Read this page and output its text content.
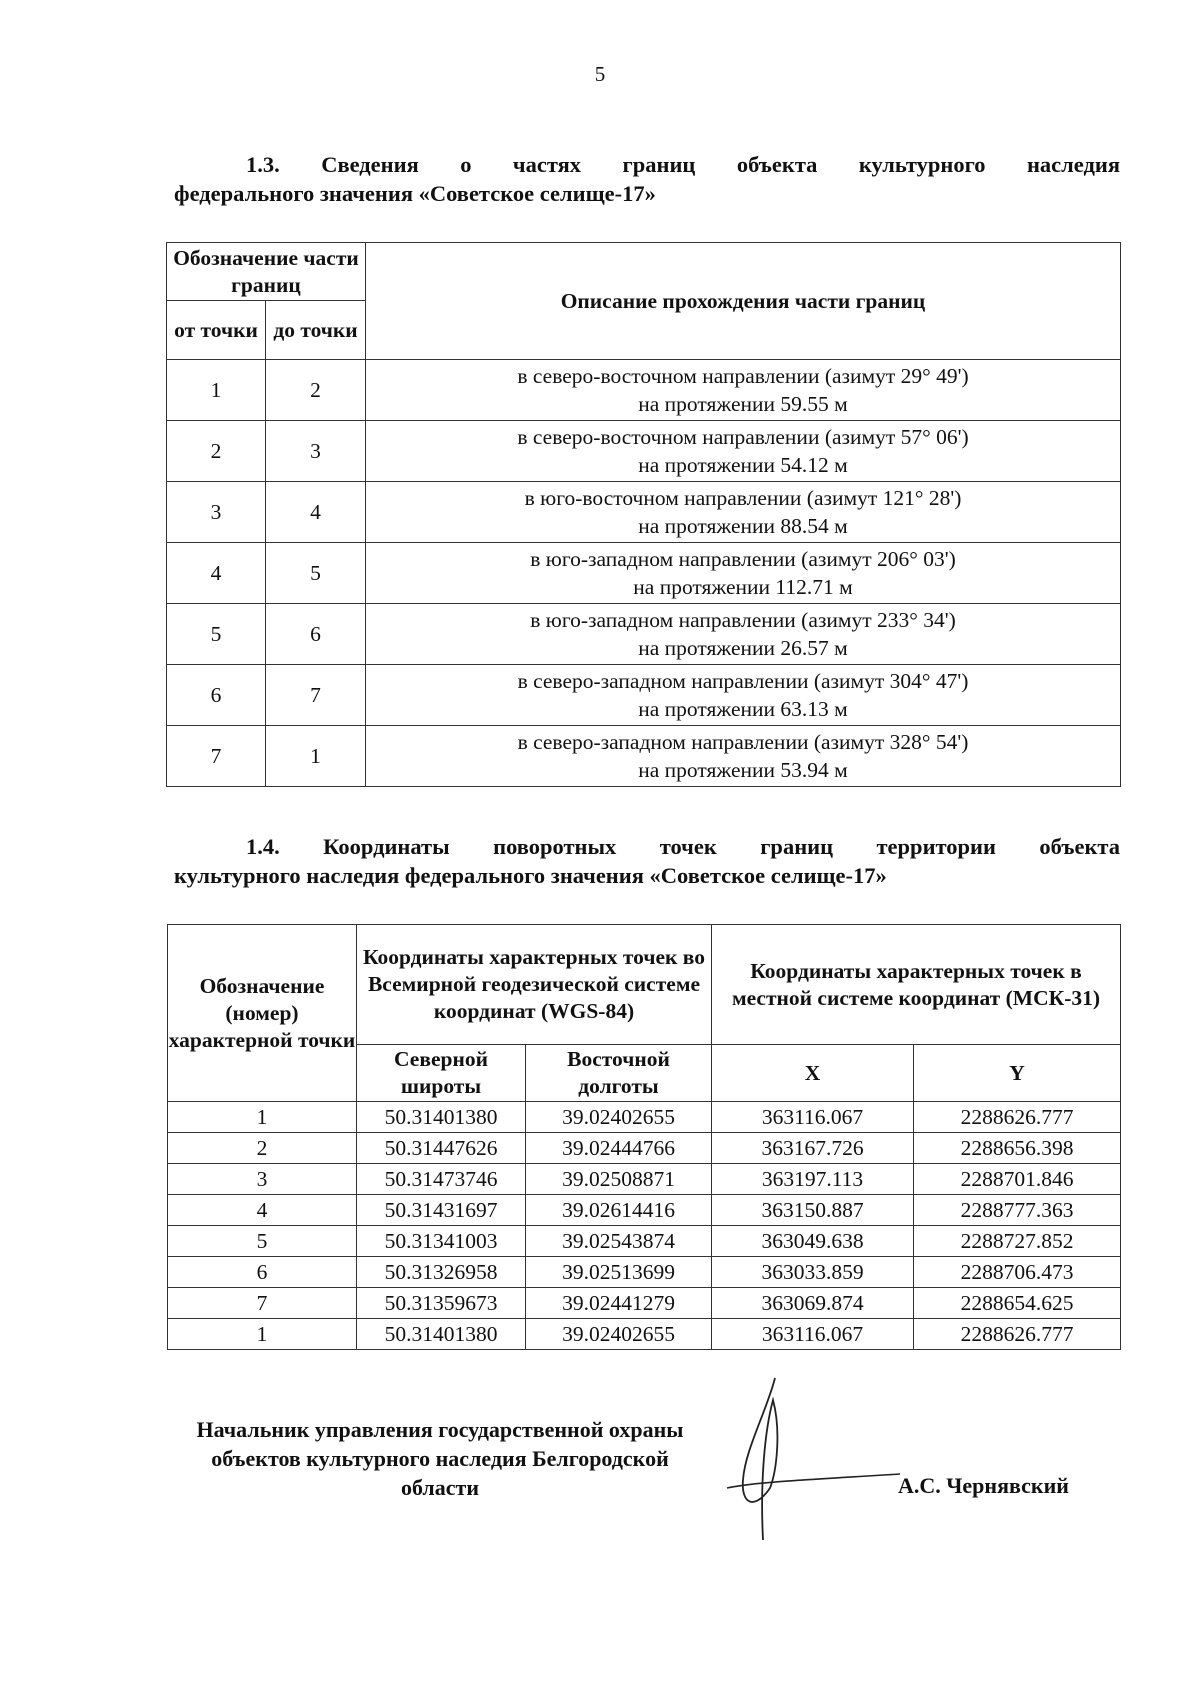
5
1.3. Сведения о частях границ объекта культурного наследия
федерального значения «Советское селище-17»
Обозначение части границ		Описание прохождения части границ
от точки	до точки	
1	2	в северо-восточном направлении (азимут 29° 49')
на протяжении 59.55 м

2	3	в северо-восточном направлении (азимут 57° 06')
на протяжении 54.12 м

3	4	в юго-восточном направлении (азимут 121° 28')
на протяжении 88.54 м

4	5	в юго-западном направлении (азимут 206° 03')
на протяжении 112.71 м

5	6	в юго-западном направлении (азимут 233° 34')
на протяжении 26.57 м

6	7	в северо-западном направлении (азимут 304° 47')
на протяжении 63.13 м

7	1	в северо-западном направлении (азимут 328° 54')
на протяжении 53.94 м
1.4. Координаты поворотных точек границ территории объекта
культурного наследия федерального значения «Советское селище-17»
Обозначение (номер) характерной точки	Координаты характерных точек во Всемирной геодезической системе координат (WGS-84)		Координаты характерных точек в местной системе координат (МСК-31)	
	Северной широты	Восточной долготы	X	Y
1	50.31401380	39.02402655	363116.067	2288626.777
2	50.31447626	39.02444766	363167.726	2288656.398
3	50.31473746	39.02508871	363197.113	2288701.846
4	50.31431697	39.02614416	363150.887	2288777.363
5	50.31341003	39.02543874	363049.638	2288727.852
6	50.31326958	39.02513699	363033.859	2288706.473
7	50.31359673	39.02441279	363069.874	2288654.625
1	50.31401380	39.02402655	363116.067	2288626.777
Начальник управления государственной охраны объектов культурного наследия Белгородской области	А.С. Чернявский
